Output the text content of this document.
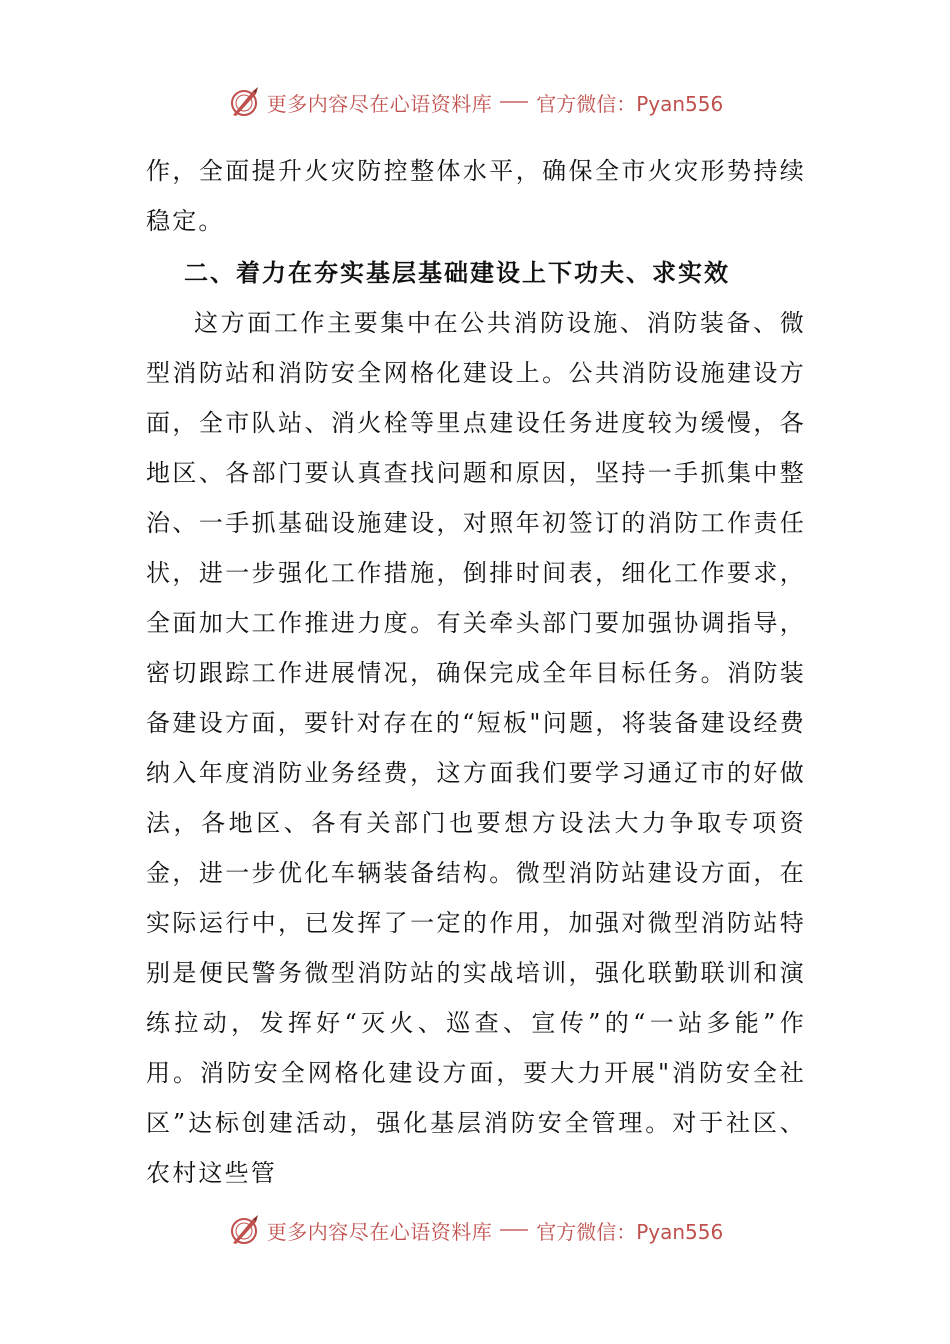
更多内容尽在心语资料库 官方微信：Pyan556

作，全面提升火灾防控整体水平，确保全市火灾形势持续稳定。

二、着力在夯实基层基础建设上下功夫、求实效

这方面工作主要集中在公共消防设施、消防装备、微型消防站和消防安全网格化建设上。公共消防设施建设方面，全市队站、消火栓等里点建设任务进度较为缓慢，各地区、各部门要认真查找问题和原因，坚持一手抓集中整治、一手抓基础设施建设，对照年初签订的消防工作责任状，进一步强化工作措施，倒排时间表，细化工作要求，全面加大工作推进力度。有关牵头部门要加强协调指导，密切跟踪工作进展情况，确保完成全年目标任务。消防装备建设方面，要针对存在的“短板"问题，将装备建设经费纳入年度消防业务经费，这方面我们要学习通辽市的好做法，各地区、各有关部门也要想方设法大力争取专项资金，进一步优化车辆装备结构。微型消防站建设方面，在实际运行中，已发挥了一定的作用，加强对微型消防站特别是便民警务微型消防站的实战培训，强化联勤联训和演练拉动，发挥好“灭火、巡查、宣传”的“一站多能”作用。消防安全网格化建设方面，要大力开展"消防安全社区”达标创建活动，强化基层消防安全管理。对于社区、农村这些管

更多内容尽在心语资料库 官方微信：Pyan556
